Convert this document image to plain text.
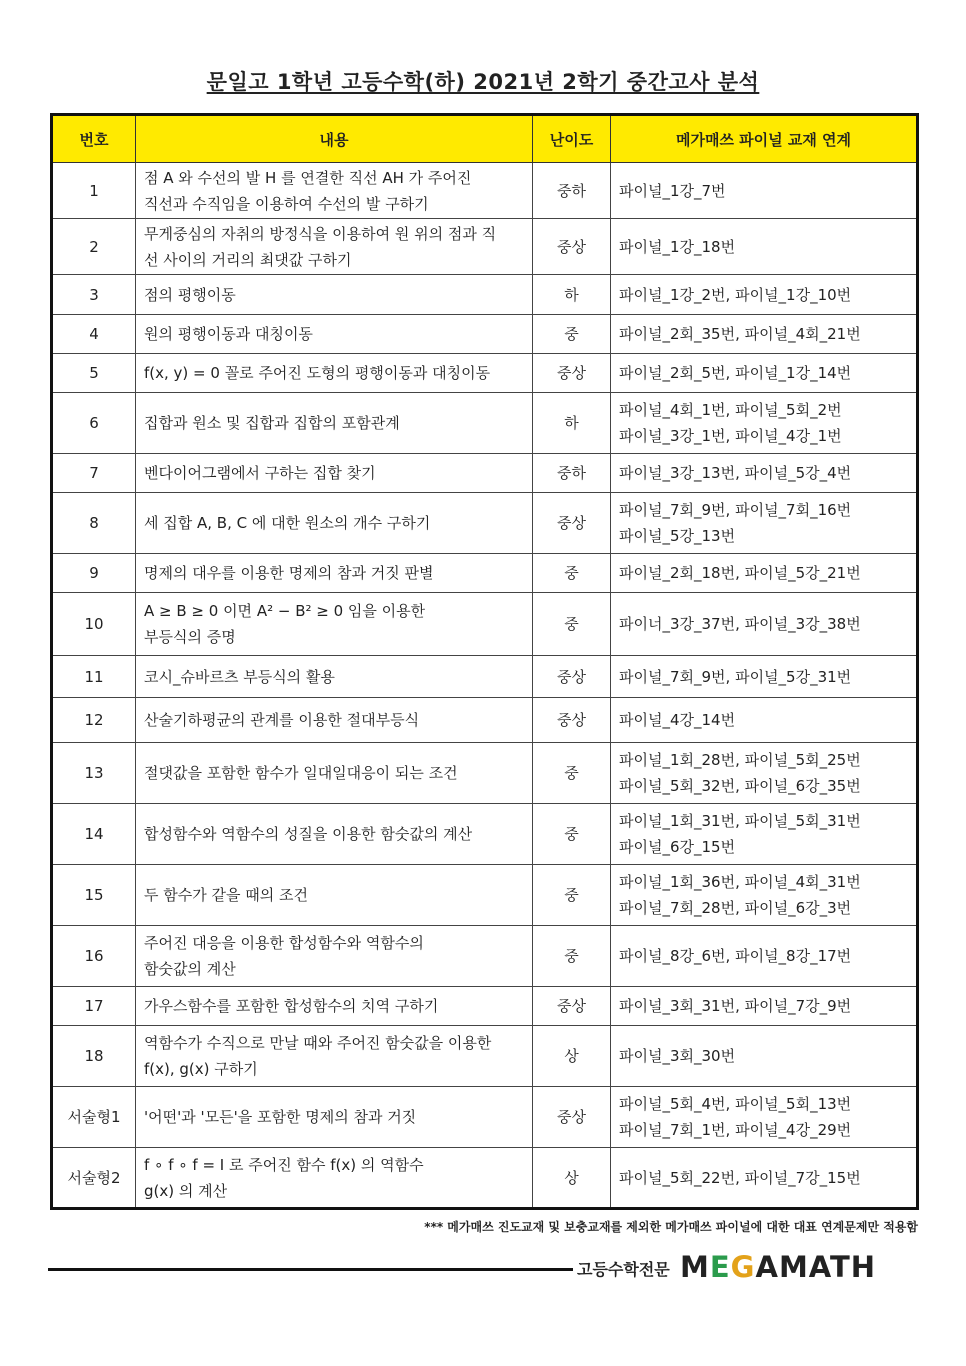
문일고 1학년 고등수학(하) 2021년 2학기 중간고사 분석
번호	내용	난이도	메가매쓰 파이널 교재 연계
1	점 A 와 수선의 발 H 를 연결한 직선 AH 가 주어진
직선과 수직임을 이용하여 수선의 발 구하기	중하	파이널_1강_7번

2	무게중심의 자취의 방정식을 이용하여 원 위의 점과 직
선 사이의 거리의 최댓값 구하기	중상	파이널_1강_18번

3	점의 평행이동	하	파이널_1강_2번, 파이널_1강_10번

4	원의 평행이동과 대칭이동	중	파이널_2회_35번, 파이널_4회_21번

5	f(x, y) = 0 꼴로 주어진 도형의 평행이동과 대칭이동	중상	파이널_2회_5번, 파이널_1강_14번

6	집합과 원소 및 집합과 집합의 포함관계	하	파이널_4회_1번, 파이널_5회_2번
파이널_3강_1번, 파이널_4강_1번

7	벤다이어그램에서 구하는 집합 찾기	중하	파이널_3강_13번, 파이널_5강_4번

8	세 집합 A, B, C 에 대한 원소의 개수 구하기	중상	파이널_7회_9번, 파이널_7회_16번
파이널_5강_13번

9	명제의 대우를 이용한 명제의 참과 거짓 판별	중	파이널_2회_18번, 파이널_5강_21번

10	A ≥ B ≥ 0 이면 A² − B² ≥ 0 임을 이용한
부등식의 증명	중	파이너_3강_37번, 파이널_3강_38번

11	코시_슈바르츠 부등식의 활용	중상	파이널_7회_9번, 파이널_5강_31번

12	산술기하평균의 관계를 이용한 절대부등식	중상	파이널_4강_14번

13	절댓값을 포함한 함수가 일대일대응이 되는 조건	중	파이널_1회_28번, 파이널_5회_25번
파이널_5회_32번, 파이널_6강_35번

14	합성함수와 역함수의 성질을 이용한 함숫값의 계산	중	파이널_1회_31번, 파이널_5회_31번
파이널_6강_15번

15	두 함수가 같을 때의 조건	중	파이널_1회_36번, 파이널_4회_31번
파이널_7회_28번, 파이널_6강_3번

16	주어진 대응을 이용한 합성함수와 역함수의
함숫값의 계산	중	파이널_8강_6번, 파이널_8강_17번

17	가우스함수를 포함한 합성함수의 치역 구하기	중상	파이널_3회_31번, 파이널_7강_9번

18	역함수가 수직으로 만날 때와 주어진 함숫값을 이용한
f(x), g(x) 구하기	상	파이널_3회_30번

서술형1	'어떤'과 '모든'을 포함한 명제의 참과 거짓	중상	파이널_5회_4번, 파이널_5회_13번
파이널_7회_1번, 파이널_4강_29번

서술형2	f ∘ f ∘ f = I 로 주어진 함수 f(x) 의 역함수
g(x) 의 계산	상	파이널_5회_22번, 파이널_7강_15번
*** 메가매쓰 진도교재 및 보충교재를 제외한 메가매쓰 파이널에 대한 대표 연계문제만 적용함
고등수학전문 MEGAMATH
